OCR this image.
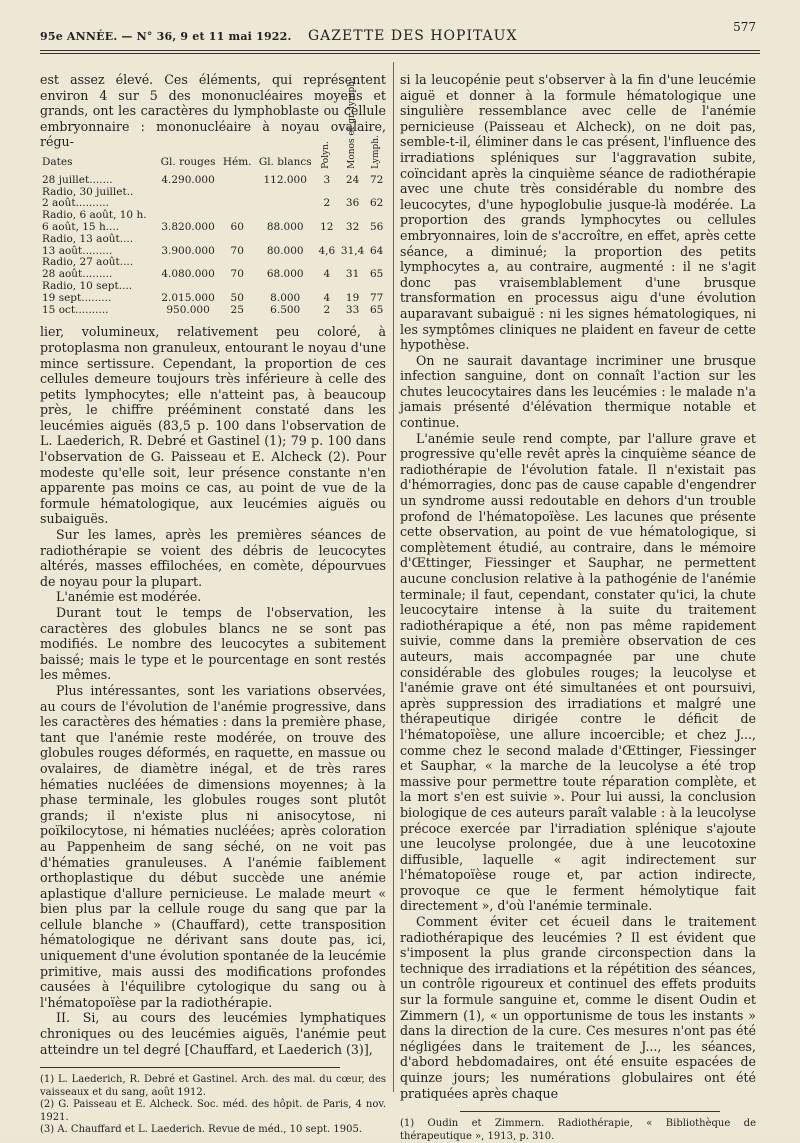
95e ANNÉE. — N° 36, 9 et 11 mai 1922. GAZETTE DES HOPITAUX
577

est assez élevé. Ces éléments, qui représentent environ 4 sur 5 des mononucléaires moyens et grands, ont les caractères du lymphoblaste ou cellule embryonnaire : mononucléaire à noyau ovalaire, régu-

Dates	Gl. rouges	Hém.	Gl. blancs	Polyn.	Monos et gr. lymph.	Lymph.
28 juillet.......	4.290.000		112.000	3	24	72
Radio, 30 juillet..						
2 août..........				2	36	62
Radio, 6 août, 10 h.						
6 août, 15 h....	3.820.000	60	88.000	12	32	56
Radio, 13 août....						
13 août.........	3.900.000	70	80.000	4,6	31,4	64
Radio, 27 août....						
28 août.........	4.080.000	70	68.000	4	31	65
Radio, 10 sept....						
19 sept.........	2.015.000	50	8.000	4	19	77
15 oct..........	950.000	25	6.500	2	33	65

lier, volumineux, relativement peu coloré, à protoplasma non granuleux, entourant le noyau d'une mince sertissure. Cependant, la proportion de ces cellules demeure toujours très inférieure à celle des petits lymphocytes; elle n'atteint pas, à beaucoup près, le chiffre prééminent constaté dans les leucémies aiguës (83,5 p. 100 dans l'observation de L. Laederich, R. Debré et Gastinel (1); 79 p. 100 dans l'observation de G. Paisseau et E. Alcheck (2). Pour modeste qu'elle soit, leur présence constante n'en apparente pas moins ce cas, au point de vue de la formule hématologique, aux leucémies aiguës ou subaiguës.

Sur les lames, après les premières séances de radiothérapie se voient des débris de leucocytes altérés, masses effilochées, en comète, dépourvues de noyau pour la plupart.

L'anémie est modérée.

Durant tout le temps de l'observation, les caractères des globules blancs ne se sont pas modifiés. Le nombre des leucocytes a subitement baissé; mais le type et le pourcentage en sont restés les mêmes.

Plus intéressantes, sont les variations observées, au cours de l'évolution de l'anémie progressive, dans les caractères des hématies : dans la première phase, tant que l'anémie reste modérée, on trouve des globules rouges déformés, en raquette, en massue ou ovalaires, de diamètre inégal, et de très rares hématies nucléées de dimensions moyennes; à la phase terminale, les globules rouges sont plutôt grands; il n'existe plus ni anisocytose, ni poïkilocytose, ni hématies nucléées; après coloration au Pappenheim de sang séché, on ne voit pas d'hématies granuleuses. A l'anémie faiblement orthoplastique du début succède une anémie aplastique d'allure pernicieuse. Le malade meurt « bien plus par la cellule rouge du sang que par la cellule blanche » (Chauffard), cette transposition hématologique ne dérivant sans doute pas, ici, uniquement d'une évolution spontanée de la leucémie primitive, mais aussi des modifications profondes causées à l'équilibre cytologique du sang ou à l'hématopoïèse par la radiothérapie.

II. Si, au cours des leucémies lymphatiques chroniques ou des leucémies aiguës, l'anémie peut atteindre un tel degré [Chauffard, et Laederich (3)],

(1) L. Laederich, R. Debré et Gastinel. Arch. des mal. du cœur, des vaisseaux et du sang, août 1912.

(2) G. Paisseau et E. Alcheck. Soc. méd. des hôpit. de Paris, 4 nov. 1921.

(3) A. Chauffard et L. Laederich. Revue de méd., 10 sept. 1905.

si la leucopénie peut s'observer à la fin d'une leucémie aiguë et donner à la formule hématologique une singulière ressemblance avec celle de l'anémie pernicieuse (Paisseau et Alcheck), on ne doit pas, semble-t-il, éliminer dans le cas présent, l'influence des irradiations spléniques sur l'aggravation subite, coïncidant après la cinquième séance de radiothérapie avec une chute très considérable du nombre des leucocytes, d'une hypoglobulie jusque-là modérée. La proportion des grands lymphocytes ou cellules embryonnaires, loin de s'accroître, en effet, après cette séance, a diminué; la proportion des petits lymphocytes a, au contraire, augmenté : il ne s'agit donc pas vraisemblablement d'une brusque transformation en processus aigu d'une évolution auparavant subaiguë : ni les signes hématologiques, ni les symptômes cliniques ne plaident en faveur de cette hypothèse.

On ne saurait davantage incriminer une brusque infection sanguine, dont on connaît l'action sur les chutes leucocytaires dans les leucémies : le malade n'a jamais présenté d'élévation thermique notable et continue.

L'anémie seule rend compte, par l'allure grave et progressive qu'elle revêt après la cinquième séance de radiothérapie de l'évolution fatale. Il n'existait pas d'hémorragies, donc pas de cause capable d'engendrer un syndrome aussi redoutable en dehors d'un trouble profond de l'hématopoïèse. Les lacunes que présente cette observation, au point de vue hématologique, si complètement étudié, au contraire, dans le mémoire d'Œttinger, Fiessinger et Sauphar, ne permettent aucune conclusion relative à la pathogénie de l'anémie terminale; il faut, cependant, constater qu'ici, la chute leucocytaire intense à la suite du traitement radiothérapique a été, non pas même rapidement suivie, comme dans la première observation de ces auteurs, mais accompagnée par une chute considérable des globules rouges; la leucolyse et l'anémie grave ont été simultanées et ont poursuivi, après suppression des irradiations et malgré une thérapeutique dirigée contre le déficit de l'hématopoïèse, une allure incoercible; et chez J..., comme chez le second malade d'Œttinger, Fiessinger et Sauphar, « la marche de la leucolyse a été trop massive pour permettre toute réparation complète, et la mort s'en est suivie ». Pour lui aussi, la conclusion biologique de ces auteurs paraît valable : à la leucolyse précoce exercée par l'irradiation splénique s'ajoute une leucolyse prolongée, due à une leucotoxine diffusible, laquelle « agit indirectement sur l'hématopoïèse rouge et, par action indirecte, provoque ce que le ferment hémolytique fait directement », d'où l'anémie terminale.

Comment éviter cet écueil dans le traitement radiothérapique des leucémies ? Il est évident que s'imposent la plus grande circonspection dans la technique des irradiations et la répétition des séances, un contrôle rigoureux et continuel des effets produits sur la formule sanguine et, comme le disent Oudin et Zimmern (1), « un opportunisme de tous les instants » dans la direction de la cure. Ces mesures n'ont pas été négligées dans le traitement de J..., les séances, d'abord hebdomadaires, ont été ensuite espacées de quinze jours; les numérations globulaires ont été pratiquées après chaque

(1) Oudin et Zimmern. Radiothérapie, « Bibliothèque de thérapeutique », 1913, p. 310.
